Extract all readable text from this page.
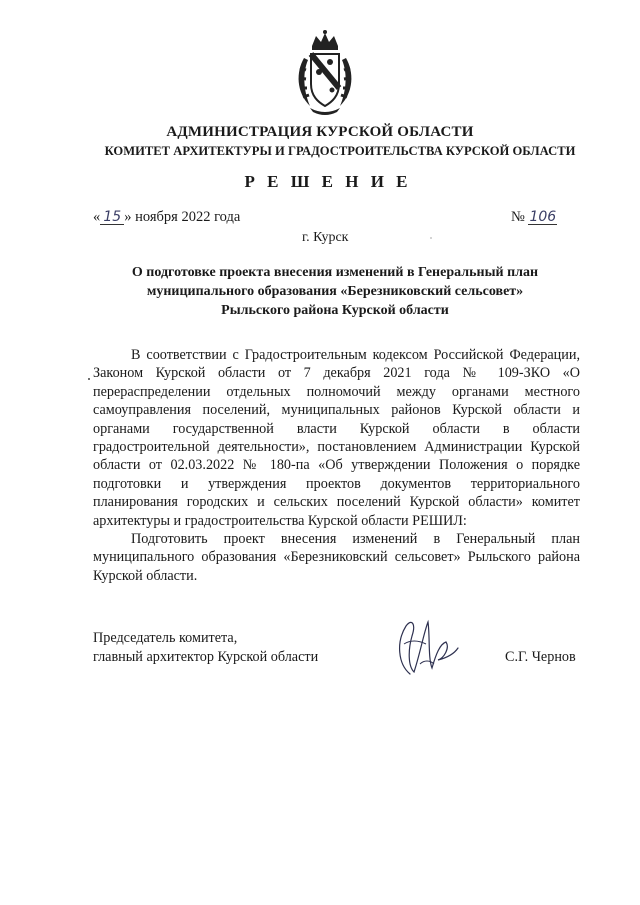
АДМИНИСТРАЦИЯ КУРСКОЙ ОБЛАСТИ
КОМИТЕТ АРХИТЕКТУРЫ И ГРАДОСТРОИТЕЛЬСТВА КУРСКОЙ ОБЛАСТИ
Р Е Ш Е Н И Е
« 15 » ноября 2022 года	№ 106
г. Курск
О подготовке проекта внесения изменений в Генеральный план
муниципального образования «Березниковский сельсовет»
Рыльского района Курской области

В соответствии с Градостроительным кодексом Российской Федерации, Законом Курской области от 7 декабря 2021 года № 109-ЗКО «О перераспределении отдельных полномочий между органами местного самоуправления поселений, муниципальных районов Курской области и органами государственной власти Курской области в области градостроительной деятельности», постановлением Администрации Курской области от 02.03.2022 № 180-па «Об утверждении Положения о порядке подготовки и утверждения проектов документов территориального планирования городских и сельских поселений Курской области» комитет архитектуры и градостроительства Курской области РЕШИЛ:

Подготовить проект внесения изменений в Генеральный план муниципального образования «Березниковский сельсовет» Рыльского района Курской области.

Председатель комитета,
главный архитектор Курской области	С.Г. Чернов
